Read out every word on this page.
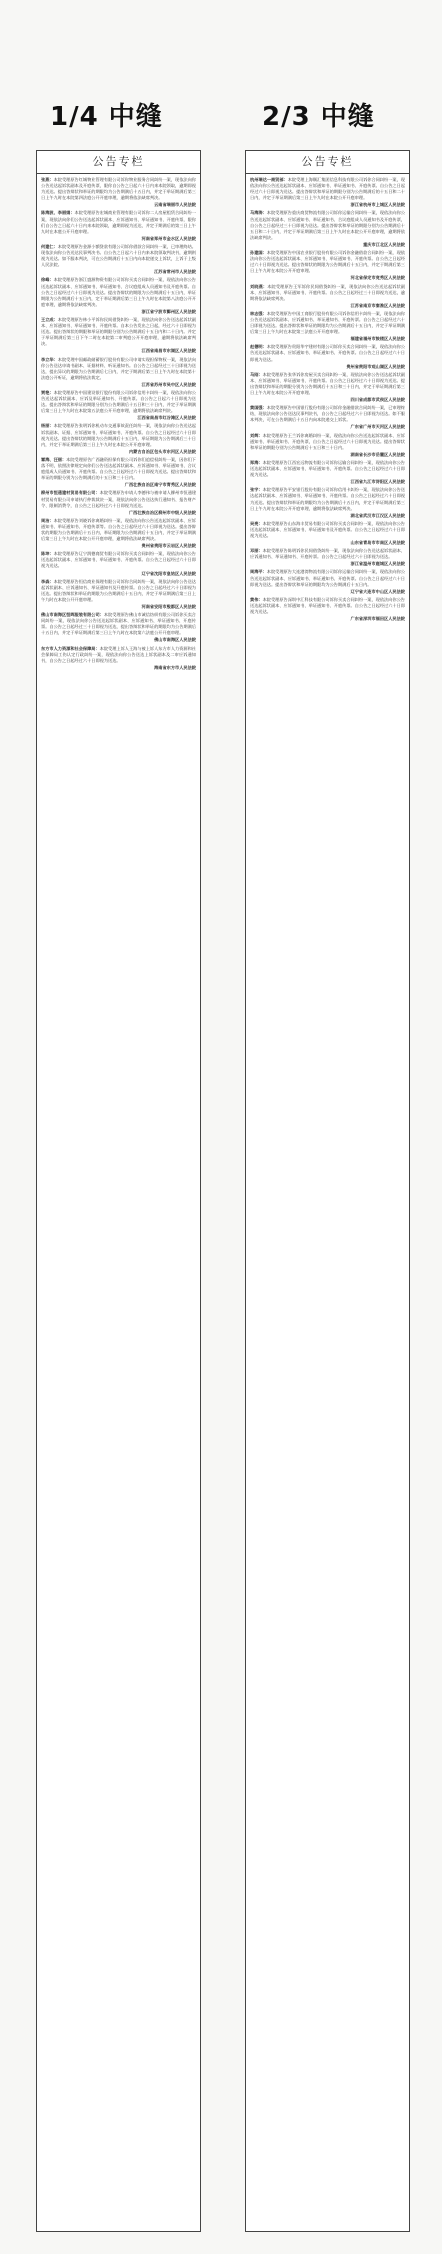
1/4 中缝	2/3 中缝
公告专栏

张燕：本院受理原告红城物业管理有限公司诉你物业服务合同纠纷一案，现依法向你公告送达起诉状副本及开庭传票，限你自公告之日起六十日内来本院领取，逾期即视为送达。提出答辩状和举证的期限均为公告期满后十五日内，并定于举证期满后第三日上午九时在本院第四法庭公开开庭审理，逾期将依法缺席判决。

云南省瑞丽市人民法院

陈海波、李丽娟：本院受理原告宏城商业管理有限公司诉你二人房屋租赁合同纠纷一案，现依法向你们公告送达起诉状副本、应诉通知书、举证通知书、开庭传票，限你们自公告之日起六十日内来本院领取，逾期即视为送达，并定于期满后的第三日上午九时在本庭公开开庭审理。

河南省郑州市金水区人民法院

何建仁：本院受理原告金源小额贷款有限公司诉你借款合同纠纷一案，已审理终结。现依法向你公告送达民事判决书。自公告之日起六十日内来本院领取判决书，逾期则视为送达。如不服本判决，可在公告期满后十五日内向本院递交上诉状，上诉于上级人民法院。

江苏省常州市人民法院

徐峰：本院受理原告浙江盛源物资有限公司诉你买卖合同纠纷一案，现依法向你公告送达起诉状副本、应诉通知书、举证通知书、合议庭组成人员通知书及开庭传票。自公告之日起经过六十日即视为送达。提出答辩状的期限为公告期满后十五日内，举证期限为公告期满后十五日内，定于举证期满后第三日上午九时在本院第八法庭公开开庭审理，逾期将依法缺席判决。

浙江省宁波市鄞州区人民法院

王立成：本院受理原告林小平诉你民间借贷纠纷一案，现依法向你公告送达起诉状副本、应诉通知书、举证通知书、开庭传票。自本公告发出之日起，经过六十日即视为送达。提出答辩状的期限和举证的期限分别为公告期满后十五日内和二十日内。并定于举证期满后第三日下午二时在本院第二审判庭公开开庭审理，逾期将依法缺席判决。

江西省南昌市东湖区人民法院

李立华：本院受理中国邮政储蓄银行股份有限公司申请实现担保物权一案，现依法向你公告送达申请书副本、证据材料、听证通知书。自公告之日起经过三十日即视为送达，提出异议的期限为公告期满后七日内，并定于期满后第三日上午九时在本院第十法庭公开听证，逾期将依法裁定。

江苏省苏州市吴中区人民法院

贾艳：本院受理原告中国建设银行股份有限公司诉你信用卡纠纷一案，现依法向你公告送达起诉状副本、应诉及举证通知书、开庭传票。自公告之日起六十日即视为送达。提出答辩状和举证的期限分别为公告期满后十五日和三十日内，并定于举证期满后第三日上午九时在本院第五法庭公开开庭审理，逾期将依法缺席判决。

江西省南昌市红谷滩区人民法院

杨丽：本院受理原告张明诉你机动车交通事故责任纠纷一案，现依法向你公告送达起诉状副本、证据、应诉通知书、举证通知书、开庭传票。自公告之日起经过六十日即视为送达。提出答辩状的期限为公告期满后十五日内，举证期限为公告期满后三十日内，并定于举证期满后第三日上午九时在本院公开开庭审理。

内蒙古自治区包头市东河区人民法院

覃海、汪丽：本院受理原告广西融资担保有限公司诉你们追偿权纠纷一案，因你们下落不明，依照法律规定向你们公告送达起诉状副本、应诉通知书、举证通知书、合议庭组成人员通知书、开庭传票。自公告之日起经过六十日即视为送达。提出答辩状和举证的期限分别为公告期满后的十五日和三十日内。

广西壮族自治区南宁市青秀区人民法院

柳州市恒通建材贸易有限公司：本院受理原告申请人李德伟与被申请人柳州市恒通建材贸易有限公司申请执行仲裁裁决一案，现依法向你公告送达执行通知书、报告财产令、限制消费令，自公告之日起经过六十日即视为送达。

广西壮族自治区柳州市中级人民法院

周洁：本院受理原告刘晓诉你离婚纠纷一案，现依法向你公告送达起诉状副本、应诉通知书、举证通知书、开庭传票等。自公告之日起经过六十日即视为送达。提出答辩状的期限为公告期满后十五日内，举证期限为公告期满后十五日内，并定于举证期满后第三日上午九时在本院公开开庭审理，逾期将依法缺席判决。

贵州省贵阳市云岩区人民法院

陈坤：本院受理原告辽宁润德商贸有限公司诉你买卖合同纠纷一案，现依法向你公告送达起诉状副本、应诉通知书、举证通知书、开庭传票。自公告之日起经过六十日即视为送达。

辽宁省沈阳市皇姑区人民法院

李森：本院受理原告恒信商业保理有限公司诉你合同纠纷一案，现依法向你公告送达起诉状副本、应诉通知书、举证通知书及开庭传票。自公告之日起经过六十日即视为送达。提出答辩状和举证的期限为公告期满后十五日内，并定于举证期满后第三日上午九时在本院公开开庭审理。

河南省安阳市殷都区人民法院

佛山市南海区恒晖服装有限公司：本院受理原告佛山市诚信纺织有限公司诉你买卖合同纠纷一案，现依法向你公告送达起诉状副本、应诉通知书、举证通知书、开庭传票。自公告之日起经过三十日即视为送达，提出答辩状和举证的期限均为公告期满后十五日内，并定于举证期满后第三日上午九时在本院第六法庭公开开庭审理。

佛山市南海区人民法院

东方市人力资源和社会保障局：本院受理上诉人王海与被上诉人东方市人力资源和社会保障局工伤认定行政纠纷一案，现依法向你公告送达上诉状副本及二审应诉通知书，自公告之日起经过六十日即视为送达。

海南省东方市人民法院

公告专栏

杭州瑞达一商贸部：本院受理上海顺汇集团信息科技有限公司诉你合同纠纷一案，现依法向你公告送达起诉状副本、应诉通知书、举证通知书、开庭传票。自公告之日起经过六十日即视为送达。提出答辩状和举证的期限分别为公告期满后的十五日和二十日内，并定于举证期满后第三日上午九时在本院公开开庭审理。

浙江省杭州市上城区人民法院

马海涛：本院受理原告重庆商贸物流有限公司诉你运输合同纠纷一案，现依法向你公告送达起诉状副本、应诉通知书、举证通知书、合议庭组成人员通知书及开庭传票，自公告之日起经过三十日即视为送达。提出答辩状和举证的期限分别为公告期满后十五日和二十日内，并定于举证期满后第三日上午九时在本院公开开庭审理，逾期将依法缺席判决。

重庆市江北区人民法院

孙建国：本院受理原告中国农业银行股份有限公司诉你金融借款合同纠纷一案，现依法向你公告送达起诉状副本、应诉通知书、举证通知书、开庭传票。自公告之日起经过六十日即视为送达。提出答辩状的期限为公告期满后十五日内，并定于期满后第三日上午九时在本院公开开庭审理。

河北省保定市竞秀区人民法院

刘晓燕：本院受理原告王军诉你民间借贷纠纷一案，现依法向你公告送达起诉状副本、应诉通知书、举证通知书、开庭传票。自公告之日起经过三十日即视为送达，逾期将依法缺席判决。

江苏省南京市秦淮区人民法院

林志强：本院受理原告中国工商银行股份有限公司诉你信用卡纠纷一案，现依法向你公告送达起诉状副本、应诉通知书、举证通知书、开庭传票。自公告之日起经过六十日即视为送达。提出答辩状和举证的期限均为公告期满后十五日内，并定于举证期满后第三日上午九时在本院第三法庭公开开庭审理。

福建省福州市鼓楼区人民法院

赵德明：本院受理原告贵阳华宇建材有限公司诉你买卖合同纠纷一案，现依法向你公告送达起诉状副本、应诉通知书、举证通知书、开庭传票。自公告之日起经过六十日即视为送达。

贵州省贵阳市观山湖区人民法院

马刚：本院受理原告张华诉你房屋买卖合同纠纷一案，现依法向你公告送达起诉状副本、应诉通知书、举证通知书、开庭传票。自公告之日起经过六十日即视为送达。提出答辩状和举证的期限分别为公告期满后十五日和三十日内，并定于举证期满后第三日上午九时在本院公开开庭审理。

四川省成都市武侯区人民法院

黄国强：本院受理原告中国银行股份有限公司诉你金融借款合同纠纷一案，已审理终结，现依法向你公告送达民事判决书，自公告之日起经过六十日即视为送达。如不服本判决，可在公告期满后十五日内向本院递交上诉状。

广东省广州市天河区人民法院

刘辉：本院受理原告王兰诉你离婚纠纷一案，现依法向你公告送达起诉状副本、应诉通知书、举证通知书、开庭传票，自公告之日起经过六十日即视为送达。提出答辩状和举证的期限分别为公告期满后十五日和三十日内。

湖南省长沙市岳麓区人民法院

郑海：本院受理原告江西宏远物流有限公司诉你运输合同纠纷一案，现依法向你公告送达起诉状副本、应诉通知书、举证通知书、开庭传票。自公告之日起经过六十日即视为送达。

江西省九江市浔阳区人民法院

张宇：本院受理原告平安银行股份有限公司诉你信用卡纠纷一案，现依法向你公告送达起诉状副本、应诉通知书、举证通知书、开庭传票。自公告之日起经过六十日即视为送达。提出答辩状和举证的期限均为公告期满后十五日内，并定于举证期满后第三日上午九时在本院公开开庭审理，逾期将依法缺席判决。

湖北省武汉市江汉区人民法院

吴亮：本院受理原告山东海丰贸易有限公司诉你买卖合同纠纷一案，现依法向你公告送达起诉状副本、应诉通知书、举证通知书及开庭传票。自公告之日起经过六十日即视为送达。

山东省青岛市市南区人民法院

邓丽：本院受理原告陈明诉你民间借贷纠纷一案，现依法向你公告送达起诉状副本、应诉通知书、举证通知书、开庭传票。自公告之日起经过六十日即视为送达。

浙江省温州市鹿城区人民法院

周海平：本院受理原告大连港湾物流有限公司诉你运输合同纠纷一案，现依法向你公告送达起诉状副本、应诉通知书、举证通知书、开庭传票。自公告之日起经过六十日即视为送达。提出答辩状和举证的期限均为公告期满后十五日内。

辽宁省大连市中山区人民法院

黄伟：本院受理原告深圳中汇科技有限公司诉你买卖合同纠纷一案，现依法向你公告送达起诉状副本、应诉通知书、举证通知书、开庭传票。自公告之日起经过六十日即视为送达。

广东省深圳市福田区人民法院
